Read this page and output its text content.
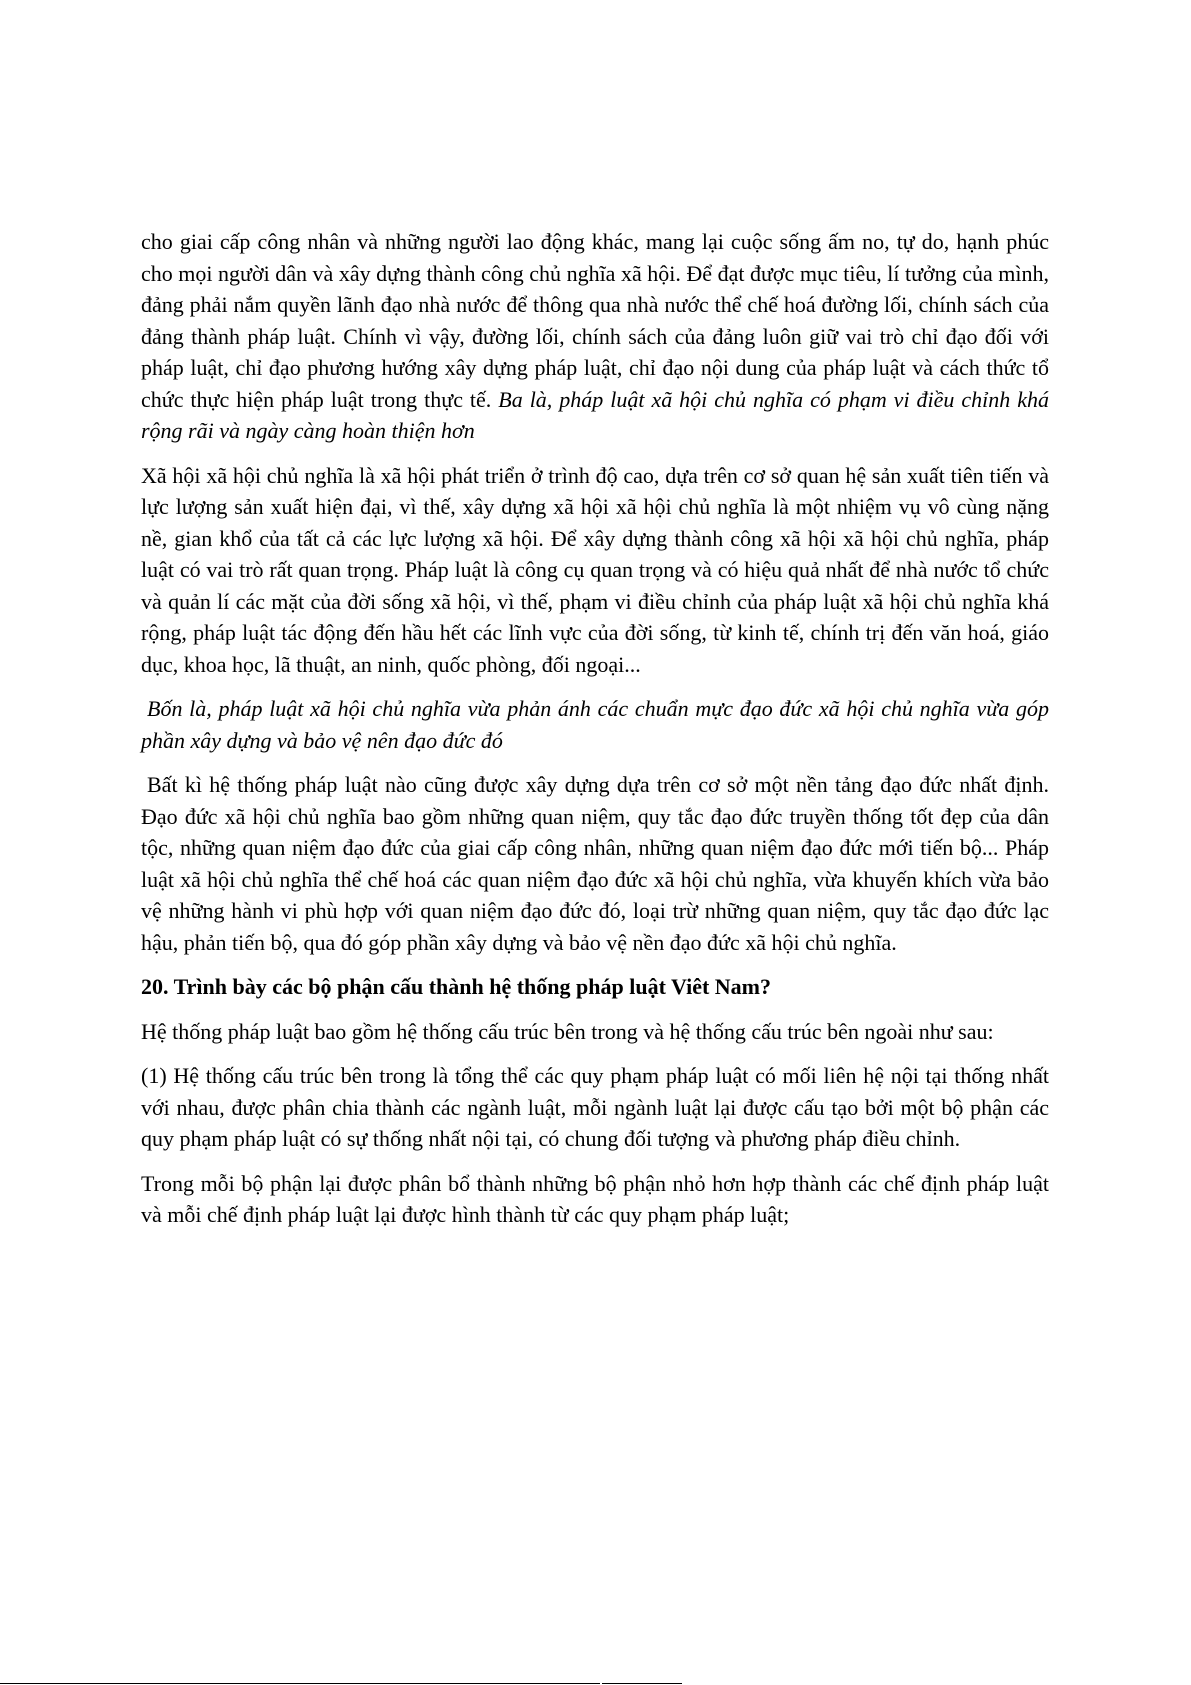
cho giai cấp công nhân và những người lao động khác, mang lại cuộc sống ấm no, tự do, hạnh phúc cho mọi người dân và xây dựng thành công chủ nghĩa xã hội. Để đạt được mục tiêu, lí tưởng của mình, đảng phải nắm quyền lãnh đạo nhà nước để thông qua nhà nước thể chế hoá đường lối, chính sách của đảng thành pháp luật. Chính vì vậy, đường lối, chính sách của đảng luôn giữ vai trò chỉ đạo đối với pháp luật, chỉ đạo phương hướng xây dựng pháp luật, chỉ đạo nội dung của pháp luật và cách thức tổ chức thực hiện pháp luật trong thực tế. Ba là, pháp luật xã hội chủ nghĩa có phạm vi điều chỉnh khá rộng rãi và ngày càng hoàn thiện hơn

Xã hội xã hội chủ nghĩa là xã hội phát triển ở trình độ cao, dựa trên cơ sở quan hệ sản xuất tiên tiến và lực lượng sản xuất hiện đại, vì thế, xây dựng xã hội xã hội chủ nghĩa là một nhiệm vụ vô cùng nặng nề, gian khổ của tất cả các lực lượng xã hội. Để xây dựng thành công xã hội xã hội chủ nghĩa, pháp luật có vai trò rất quan trọng. Pháp luật là công cụ quan trọng và có hiệu quả nhất để nhà nước tổ chức và quản lí các mặt của đời sống xã hội, vì thế, phạm vi điều chỉnh của pháp luật xã hội chủ nghĩa khá rộng, pháp luật tác động đến hầu hết các lĩnh vực của đời sống, từ kinh tế, chính trị đến văn hoá, giáo dục, khoa học, lã thuật, an ninh, quốc phòng, đối ngoại...

Bốn là, pháp luật xã hội chủ nghĩa vừa phản ánh các chuẩn mực đạo đức xã hội chủ nghĩa vừa góp phần xây dựng và bảo vệ nên đạo đức đó

Bất kì hệ thống pháp luật nào cũng được xây dựng dựa trên cơ sở một nền tảng đạo đức nhất định. Đạo đức xã hội chủ nghĩa bao gồm những quan niệm, quy tắc đạo đức truyền thống tốt đẹp của dân tộc, những quan niệm đạo đức của giai cấp công nhân, những quan niệm đạo đức mới tiến bộ... Pháp luật xã hội chủ nghĩa thể chế hoá các quan niệm đạo đức xã hội chủ nghĩa, vừa khuyến khích vừa bảo vệ những hành vi phù hợp với quan niệm đạo đức đó, loại trừ những quan niệm, quy tắc đạo đức lạc hậu, phản tiến bộ, qua đó góp phần xây dựng và bảo vệ nền đạo đức xã hội chủ nghĩa.

20. Trình bày các bộ phận cấu thành hệ thống pháp luật Viêt Nam?

Hệ thống pháp luật bao gồm hệ thống cấu trúc bên trong và hệ thống cấu trúc bên ngoài như sau:

(1) Hệ thống cấu trúc bên trong là tổng thể các quy phạm pháp luật có mối liên hệ nội tại thống nhất với nhau, được phân chia thành các ngành luật, mỗi ngành luật lại được cấu tạo bởi một bộ phận các quy phạm pháp luật có sự thống nhất nội tại, có chung đối tượng và phương pháp điều chỉnh.

Trong mỗi bộ phận lại được phân bổ thành những bộ phận nhỏ hơn hợp thành các chế định pháp luật và mỗi chế định pháp luật lại được hình thành từ các quy phạm pháp luật;
